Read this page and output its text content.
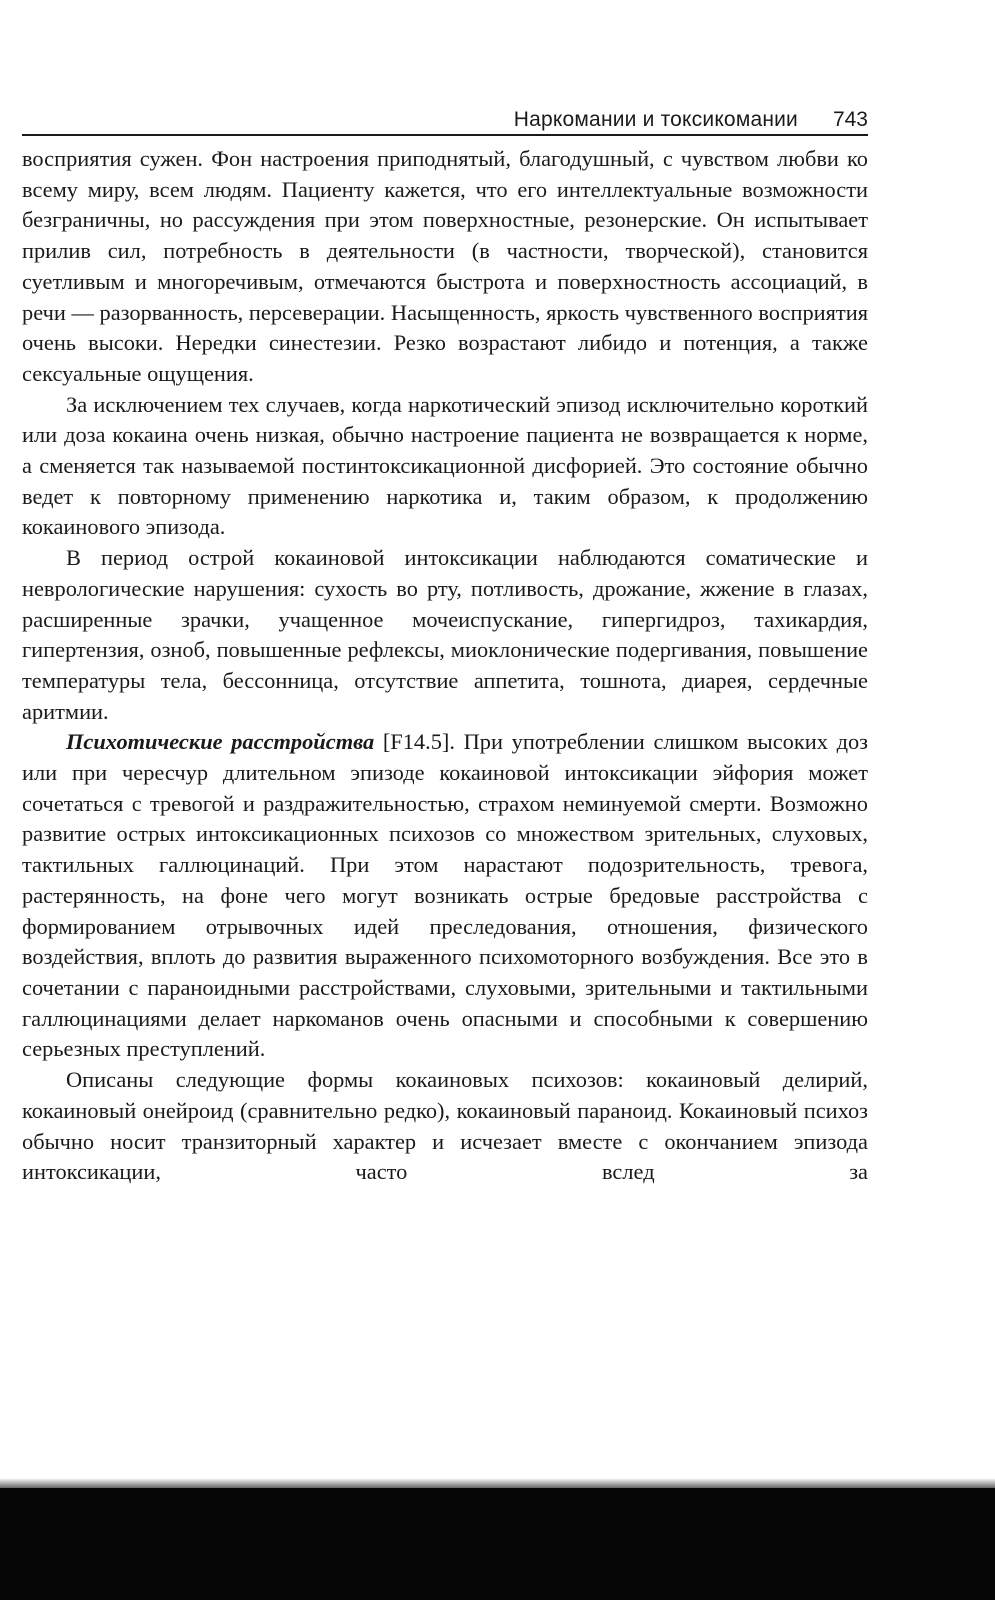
Наркомании и токсикомании 743

восприятия сужен. Фон настроения приподнятый, благодушный, с чувством любви ко всему миру, всем людям. Пациенту кажется, что его интеллектуальные возможности безграничны, но рассуждения при этом поверхностные, резонерские. Он испытывает прилив сил, потребность в деятельности (в частности, творческой), становится суетливым и многоречивым, отмечаются быстрота и поверхностность ассоциаций, в речи — разорванность, персеверации. Насыщенность, яркость чувственного восприятия очень высоки. Нередки синестезии. Резко возрастают либидо и потенция, а также сексуальные ощущения.

За исключением тех случаев, когда наркотический эпизод исключительно короткий или доза кокаина очень низкая, обычно настроение пациента не возвращается к норме, а сменяется так называемой постинтоксикационной дисфорией. Это состояние обычно ведет к повторному применению наркотика и, таким образом, к продолжению кокаинового эпизода.

В период острой кокаиновой интоксикации наблюдаются соматические и неврологические нарушения: сухость во рту, потливость, дрожание, жжение в глазах, расширенные зрачки, учащенное мочеиспускание, гипергидроз, тахикардия, гипертензия, озноб, повышенные рефлексы, миоклонические подергивания, повышение температуры тела, бессонница, отсутствие аппетита, тошнота, диарея, сердечные аритмии.

Психотические расстройства [F14.5]. При употреблении слишком высоких доз или при чересчур длительном эпизоде кокаиновой интоксикации эйфория может сочетаться с тревогой и раздражительностью, страхом неминуемой смерти. Возможно развитие острых интоксикационных психозов со множеством зрительных, слуховых, тактильных галлюцинаций. При этом нарастают подозрительность, тревога, растерянность, на фоне чего могут возникать острые бредовые расстройства с формированием отрывочных идей преследования, отношения, физического воздействия, вплоть до развития выраженного психомоторного возбуждения. Все это в сочетании с параноидными расстройствами, слуховыми, зрительными и тактильными галлюцинациями делает наркоманов очень опасными и способными к совершению серьезных преступлений.

Описаны следующие формы кокаиновых психозов: кокаиновый делирий, кокаиновый онейроид (сравнительно редко), кокаиновый параноид. Кокаиновый психоз обычно носит транзиторный характер и исчезает вместе с окончанием эпизода интоксикации, часто вслед за
